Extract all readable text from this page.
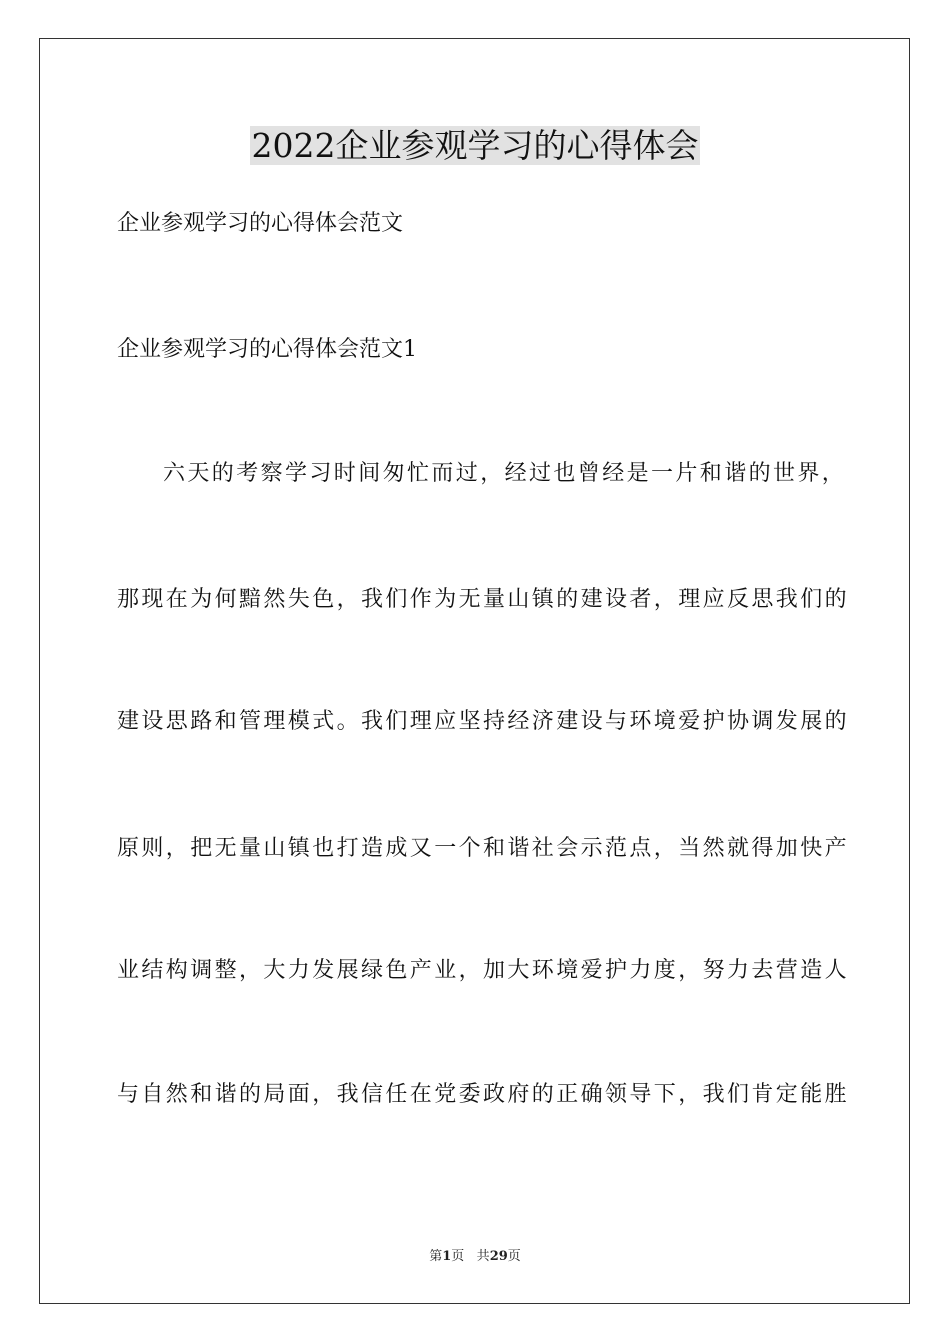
2022企业参观学习的心得体会
企业参观学习的心得体会范文
企业参观学习的心得体会范文1
六天的考察学习时间匆忙而过，经过也曾经是一片和谐的世界，
那现在为何黯然失色，我们作为无量山镇的建设者，理应反思我们的
建设思路和管理模式。我们理应坚持经济建设与环境爱护协调发展的
原则，把无量山镇也打造成又一个和谐社会示范点，当然就得加快产
业结构调整，大力发展绿色产业，加大环境爱护力度，努力去营造人
与自然和谐的局面，我信任在党委政府的正确领导下，我们肯定能胜
第1页 共29页
